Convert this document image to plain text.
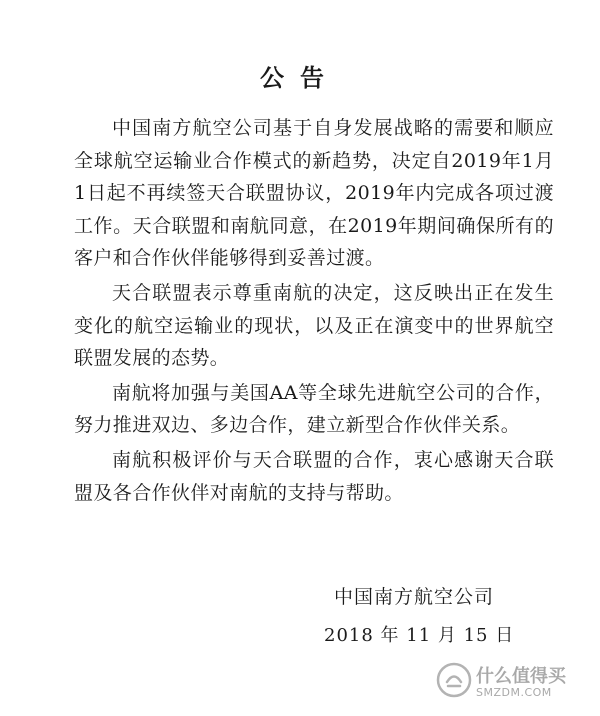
公告

中国南方航空公司基于自身发展战略的需要和顺应全球航空运输业合作模式的新趋势，决定自2019年1月1日起不再续签天合联盟协议，2019年内完成各项过渡工作。天合联盟和南航同意，在2019年期间确保所有的客户和合作伙伴能够得到妥善过渡。

天合联盟表示尊重南航的决定，这反映出正在发生变化的航空运输业的现状，以及正在演变中的世界航空联盟发展的态势。

南航将加强与美国AA等全球先进航空公司的合作，努力推进双边、多边合作，建立新型合作伙伴关系。

南航积极评价与天合联盟的合作，衷心感谢天合联盟及各合作伙伴对南航的支持与帮助。

中国南方航空公司
2018 年 11 月 15 日
什么值得买
SMZDM.COM
